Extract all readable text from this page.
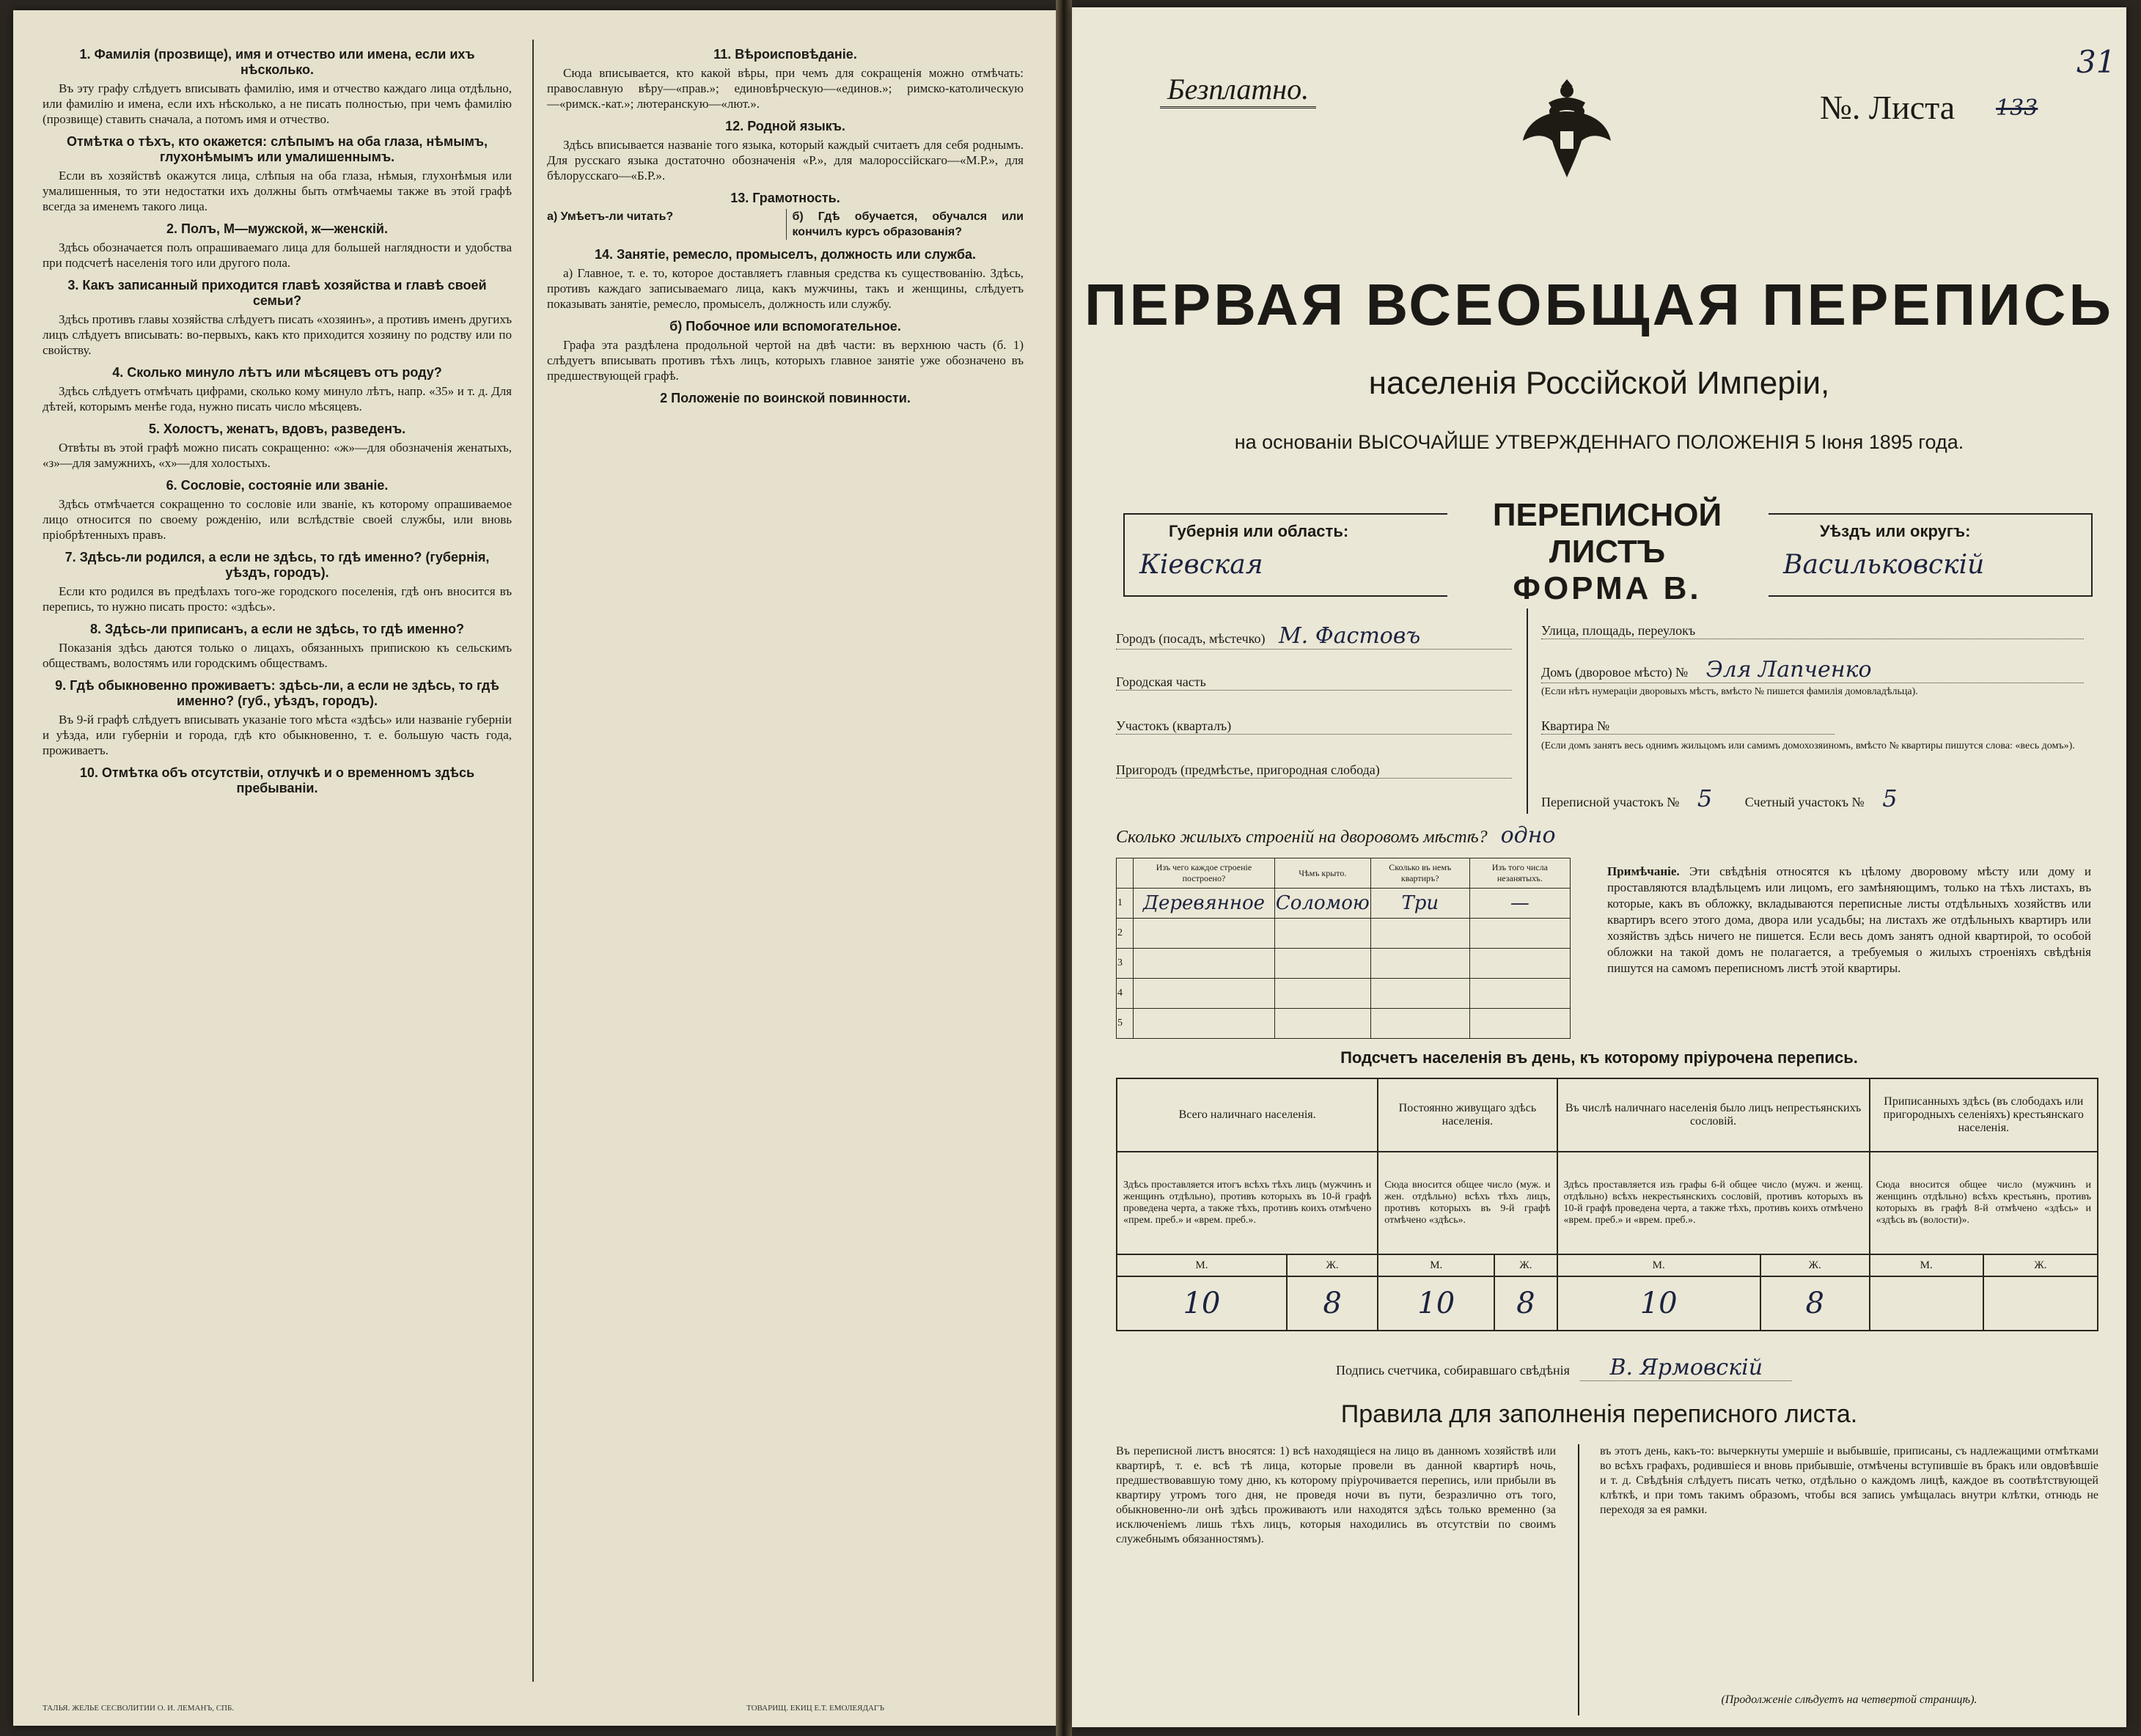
1. Фамилія (прозвище), имя и отчество или имена, если ихъ нѣсколько.

Въ эту графу слѣдуетъ вписывать фамилію, имя и отчество каждаго лица отдѣльно, или фамилію и имена, если ихъ нѣсколько, а не писать полностью, при чемъ фамилію (прозвище) ставить сначала, а потомъ имя и отчество.

Отмѣтка о тѣхъ, кто окажется: слѣпымъ на оба глаза, нѣмымъ, глухонѣмымъ или умалишеннымъ.

Если въ хозяйствѣ окажутся лица, слѣпыя на оба глаза, нѣмыя, глухонѣмыя или умалишенныя, то эти недостатки ихъ должны быть отмѣчаемы также въ этой графѣ всегда за именемъ такого лица.

2. Полъ, М—мужской, ж—женскій.

Здѣсь обозначается полъ опрашиваемаго лица для большей наглядности и удобства при подсчетѣ населенія того или другого пола.

3. Какъ записанный приходится главѣ хозяйства и главѣ своей семьи?

Здѣсь противъ главы хозяйства слѣдуетъ писать «хозяинъ», а противъ именъ другихъ лицъ слѣдуетъ вписывать: во-первыхъ, какъ кто приходится хозяину по родству или по свойству.

4. Сколько минуло лѣтъ или мѣсяцевъ отъ роду?

Здѣсь слѣдуетъ отмѣчать цифрами, сколько кому минуло лѣтъ, напр. «35» и т. д. Для дѣтей, которымъ менѣе года, нужно писать число мѣсяцевъ.

5. Холостъ, женатъ, вдовъ, разведенъ.

Отвѣты въ этой графѣ можно писать сокращенно: «ж»—для обозначенія женатыхъ, «з»—для замужнихъ, «х»—для холостыхъ.

6. Сословіе, состояніе или званіе.

Здѣсь отмѣчается сокращенно то сословіе или званіе, къ которому опрашиваемое лицо относится по своему рожденію, или вслѣдствіе своей службы, или вновь пріобрѣтенныхъ правъ.

7. Здѣсь-ли родился, а если не здѣсь, то гдѣ именно? (губернія, уѣздъ, городъ).

Если кто родился въ предѣлахъ того-же городского поселенія, гдѣ онъ вносится въ перепись, то нужно писать просто: «здѣсь».

8. Здѣсь-ли приписанъ, а если не здѣсь, то гдѣ именно?

Показанія здѣсь даются только о лицахъ, обязанныхъ припискою къ сельскимъ обществамъ, волостямъ или городскимъ обществамъ.

9. Гдѣ обыкновенно проживаетъ: здѣсь-ли, а если не здѣсь, то гдѣ именно? (губ., уѣздъ, городъ).

Въ 9-й графѣ слѣдуетъ вписывать указаніе того мѣста «здѣсь» или названіе губерніи и уѣзда, или губерніи и города, гдѣ кто обыкновенно, т. е. большую часть года, проживаетъ.

10. Отмѣтка объ отсутствіи, отлучкѣ и о временномъ здѣсь пребываніи.
11. Вѣроисповѣданіе.

Сюда вписывается, кто какой вѣры, при чемъ для сокращенія можно отмѣчать: православную вѣру—«прав.»; единовѣрческую—«единов.»; римско-католическую—«римск.-кат.»; лютеранскую—«лют.».

12. Родной языкъ.

Здѣсь вписывается названіе того языка, который каждый считаетъ для себя роднымъ. Для русскаго языка достаточно обозначенія «Р.», для малороссійскаго—«М.Р.», для бѣлорусскаго—«Б.Р.».

13. Грамотность.
а) Умѣетъ-ли читать?	б) Гдѣ обучается, обучался или кончилъ курсъ образованія?
14. Занятіе, ремесло, промыселъ, должность или служба.

а) Главное, т. е. то, которое доставляетъ главныя средства къ существованію. Здѣсь, противъ каждаго записываемаго лица, какъ мужчины, такъ и женщины, слѣдуетъ показывать занятіе, ремесло, промыселъ, должность или службу.

б) Побочное или вспомогательное.

Графа эта раздѣлена продольной чертой на двѣ части: въ верхнюю часть (б. 1) слѣдуетъ вписывать противъ тѣхъ лицъ, которыхъ главное занятіе уже обозначено въ предшествующей графѣ.

2 Положеніе по воинской повинности.
ТАЛЬЯ. ЖЕЛЬЕ СЕСВОЛИТИИ О. И. ЛЕМАНЪ, СПБ.	ТОВАРИЩ. ЕКИЦ Е.Т. ЕМОЛЕЯДАГЪ
Безплатно.	№. Листа 133
31
ПЕРВАЯ ВСЕОБЩАЯ ПЕРЕПИСЬ
населенія Россійской Имперіи,
на основаніи ВЫСОЧАЙШЕ УТВЕРЖДЕННАГО ПОЛОЖЕНІЯ 5 Іюня 1895 года.
Губернія или область:
Кіевская
ПЕРЕПИСНОЙ ЛИСТЪ
ФОРМА В.
Уѣздъ или округъ:
Васильковскій
Городъ (посадъ, мѣстечко) М. Фастовъ
Городская часть
Участокъ (кварталъ)
Пригородъ (предмѣстье, пригородная слобода)
Улица, площадь, переулокъ
Домъ (дворовое мѣсто) № Эля Лапченко
(Если нѣтъ нумераціи дворовыхъ мѣстъ, вмѣсто № пишется фамилія домовладѣльца).
Квартира №
(Если домъ занятъ весь однимъ жильцомъ или самимъ домохозяиномъ, вмѣсто № квартиры пишутся слова: «весь домъ»).
Переписной участокъ № 5 Счетный участокъ № 5
Сколько жилыхъ строеній на дворовомъ мѣстѣ? одно
	Изъ чего каждое строеніе построено?	Чѣмъ крыто.	Сколько въ немъ квартиръ?	Изъ того числа незанятыхъ.
1	Деревянное	Соломою	Три	—
2				
3				
4				
5				
Примѣчаніе. Эти свѣдѣнія относятся къ цѣлому дворовому мѣсту или дому и проставляются владѣльцемъ или лицомъ, его замѣняющимъ, только на тѣхъ листахъ, въ которые, какъ въ обложку, вкладываются переписные листы отдѣльныхъ хозяйствъ или квартиръ всего этого дома, двора или усадьбы; на листахъ же отдѣльныхъ квартиръ или хозяйствъ здѣсь ничего не пишется. Если весь домъ занятъ одной квартирой, то особой обложки на такой домъ не полагается, а требуемыя о жилыхъ строеніяхъ свѣдѣнія пишутся на самомъ переписномъ листѣ этой квартиры.
Подсчетъ населенія въ день, къ которому пріурочена перепись.
Всего наличнаго населенія.		Постоянно живущаго здѣсь населенія.		Въ числѣ наличнаго населенія было лицъ непрестьянскихъ сословій.		Приписанныхъ здѣсь (въ слободахъ или пригородныхъ селеніяхъ) крестьянскаго населенія.	
Здѣсь проставляется итогъ всѣхъ тѣхъ лицъ (мужчинъ и женщинъ отдѣльно), противъ которыхъ въ 10-й графѣ проведена черта, а также тѣхъ, противъ коихъ отмѣчено «прем. преб.» и «врем. преб.».		Сюда вносится общее число (муж. и жен. отдѣльно) всѣхъ тѣхъ лицъ, противъ которыхъ въ 9-й графѣ отмѣчено «здѣсь».		Здѣсь проставляется изъ графы 6-й общее число (мужч. и женщ. отдѣльно) всѣхъ некрестьянскихъ сословій, противъ которыхъ въ 10-й графѣ проведена черта, а также тѣхъ, противъ коихъ отмѣчено «врем. преб.» и «врем. преб.».		Сюда вносится общее число (мужчинъ и женщинъ отдѣльно) всѣхъ крестьянъ, противъ которыхъ въ графѣ 8-й отмѣчено «здѣсь» и «здѣсь въ (волости)».	
М.	Ж.	М.	Ж.	М.	Ж.	М.	Ж.
10	8	10	8	10	8		
Подпись счетчика, собиравшаго свѣдѣнія В. Ярмовскій
Правила для заполненія переписного листа.
Въ переписной листъ вносятся: 1) всѣ находящіеся на лицо въ данномъ хозяйствѣ или квартирѣ, т. е. всѣ тѣ лица, которые провели въ данной квартирѣ ночь, предшествовавшую тому дню, къ которому пріурочивается перепись, или прибыли въ квартиру утромъ того дня, не проведя ночи въ пути, безразлично отъ того, обыкновенно-ли онѣ здѣсь проживаютъ или находятся здѣсь только временно (за исключеніемъ лишь тѣхъ лицъ, которыя находились въ отсутствіи по своимъ служебнымъ обязанностямъ).
въ этотъ день, какъ-то: вычеркнуты умершіе и выбывшіе, приписаны, съ надлежащими отмѣтками во всѣхъ графахъ, родившіеся и вновь прибывшіе, отмѣчены вступившіе въ бракъ или овдовѣвшіе и т. д. Свѣдѣнія слѣдуетъ писать четко, отдѣльно о каждомъ лицѣ, каждое въ соотвѣтствующей клѣткѣ, и при томъ такимъ образомъ, чтобы вся запись умѣщалась внутри клѣтки, отнюдь не переходя за ея рамки.
(Продолженіе слѣдуетъ на четвертой страницѣ).
